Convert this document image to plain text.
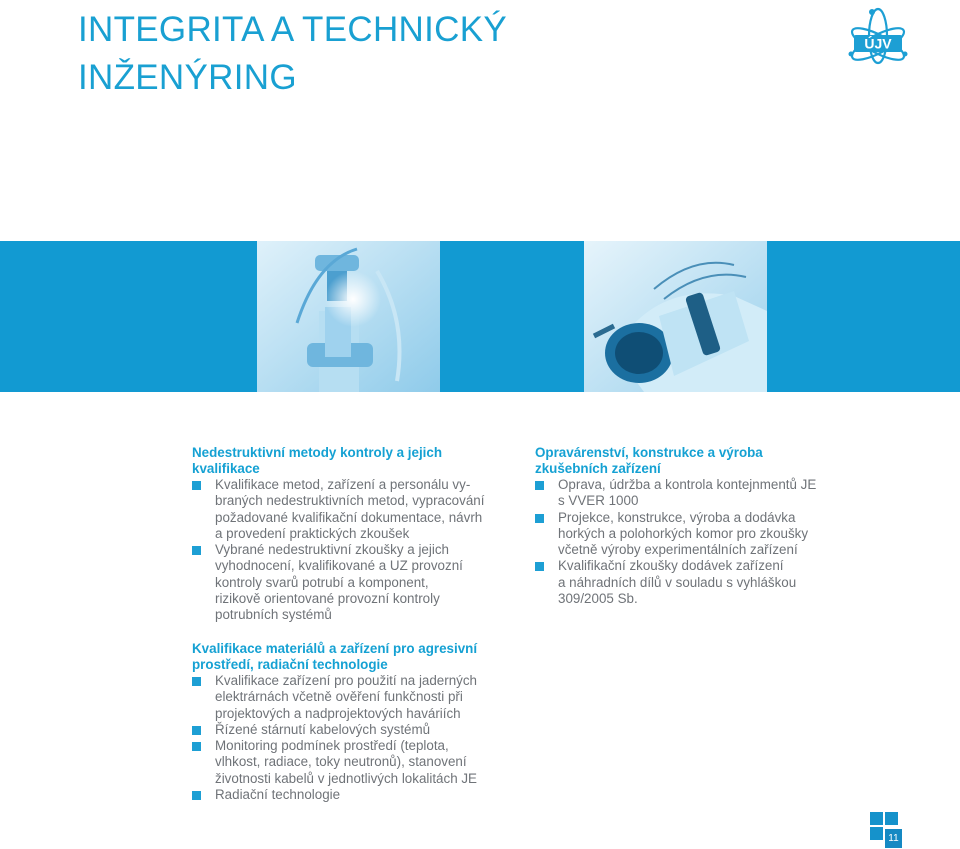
INTEGRITA A TECHNICKÝ
INŽENÝRING
ÚJV
Nedestruktivní metody kontroly a jejich
kvalifikace
Kvalifikace metod, zařízení a personálu vy-
braných nedestruktivních metod, vypracování
požadované kvalifikační dokumentace, návrh
a provedení praktických zkoušek
Vybrané nedestruktivní zkoušky a jejich
vyhodnocení, kvalifikované a UZ provozní
kontroly svarů potrubí a komponent,
rizikově orientované provozní kontroly
potrubních systémů
Opravárenství, konstrukce a výroba
zkušebních zařízení
Oprava, údržba a kontrola kontejnmentů JE
s VVER 1000
Projekce, konstrukce, výroba a dodávka
horkých a polohorkých komor pro zkoušky
včetně výroby experimentálních zařízení
Kvalifikační zkoušky dodávek zařízení
a náhradních dílů v souladu s vyhláškou
309/2005 Sb.
Kvalifikace materiálů a zařízení pro agresivní
prostředí, radiační technologie
Kvalifikace zařízení pro použití na jaderných
elektrárnách včetně ověření funkčnosti při
projektových a nadprojektových haváriích
Řízené stárnutí kabelových systémů
Monitoring podmínek prostředí (teplota,
vlhkost, radiace, toky neutronů), stanovení
životnosti kabelů v jednotlivých lokalitách JE
Radiační technologie
11
